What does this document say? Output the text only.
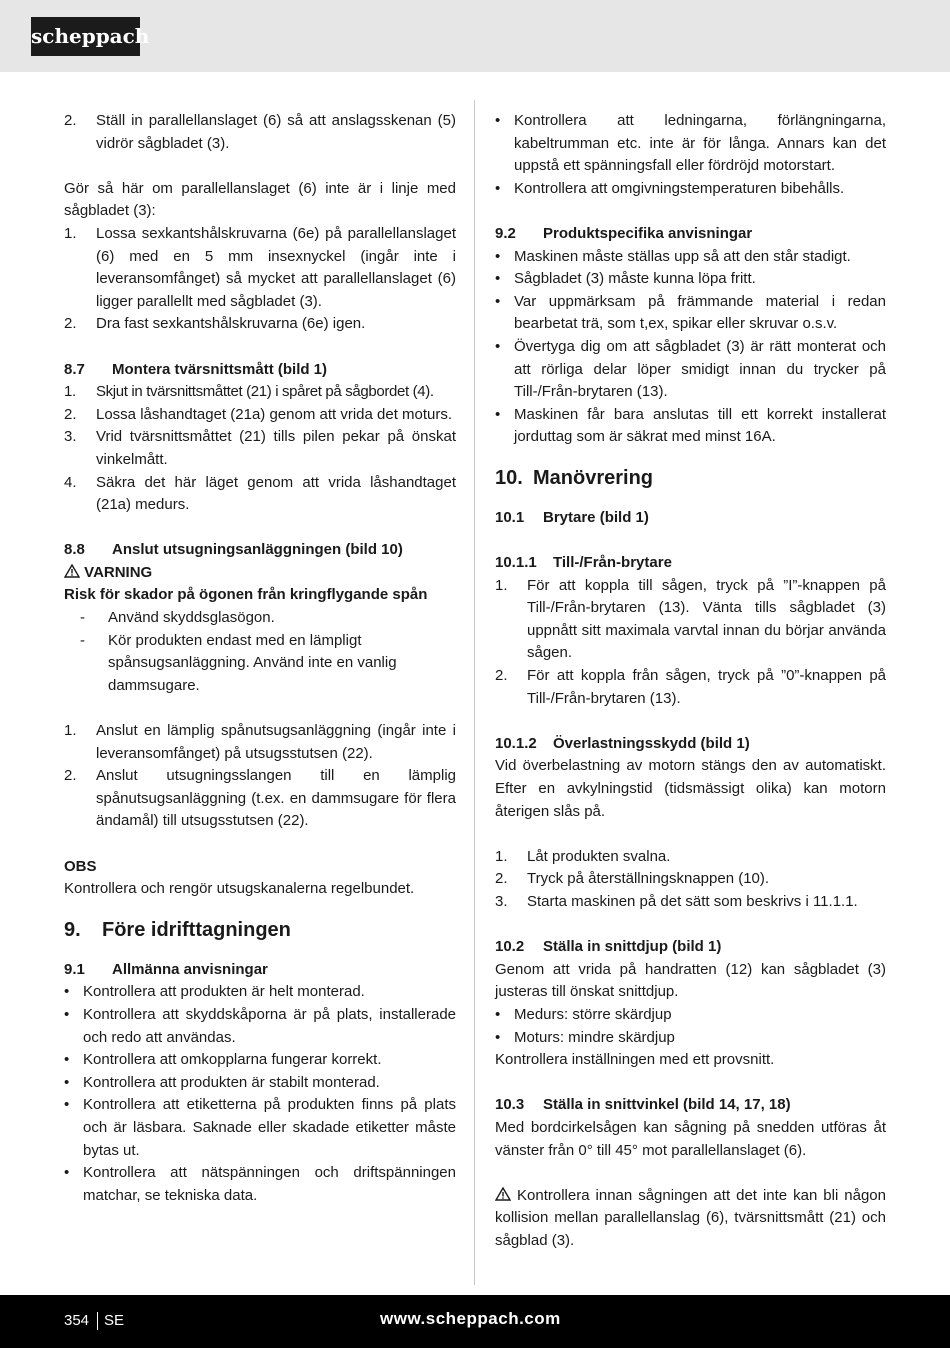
scheppach
2.	Ställ in parallellanslaget (6) så att anslagsskenan (5) vidrör sågbladet (3).

Gör så här om parallellanslaget (6) inte är i linje med sågbladet (3):

1.	Lossa sexkantshålskruvarna (6e) på parallellanslaget (6) med en 5 mm insexnyckel (ingår inte i leveransomfånget) så mycket att parallellanslaget (6) ligger parallellt med sågbladet (3).
2.	Dra fast sexkantshålskruvarna (6e) igen.
8.7	Montera tvärsnittsmått (bild 1)
1.	Skjut in tvärsnittsmåttet (21) i spåret på sågbordet (4).
2.	Lossa låshandtaget (21a) genom att vrida det moturs.
3.	Vrid tvärsnittsmåttet (21) tills pilen pekar på önskat vinkelmått.
4.	Säkra det här läget genom att vrida låshandtaget (21a) medurs.
8.8	Anslut utsugningsanläggningen (bild 10)
VARNING
Risk för skador på ögonen från kringflygande spån
-	Använd skyddsglasögon.
-	Kör produkten endast med en lämpligt spånsugsanläggning. Använd inte en vanlig dammsugare.
1.	Anslut en lämplig spånutsugsanläggning (ingår inte i leveransomfånget) på utsugsstutsen (22).
2.	Anslut utsugningsslangen till en lämplig spånutsugsanläggning (t.ex. en dammsugare för flera ändamål) till utsugsstutsen (22).
OBS

Kontrollera och rengör utsugskanalerna regelbundet.

9.	Före idrifttagningen
9.1	Allmänna anvisningar
• Kontrollera att produkten är helt monterad.
• Kontrollera att skyddskåporna är på plats, installerade och redo att användas.
• Kontrollera att omkopplarna fungerar korrekt.
• Kontrollera att produkten är stabilt monterad.
• Kontrollera att etiketterna på produkten finns på plats och är läsbara. Saknade eller skadade etiketter måste bytas ut.
• Kontrollera att nätspänningen och driftspänningen matchar, se tekniska data.
• Kontrollera att ledningarna, förlängningarna, kabeltrumman etc. inte är för långa. Annars kan det uppstå ett spänningsfall eller fördröjd motorstart.
• Kontrollera att omgivningstemperaturen bibehålls.
9.2	Produktspecifika anvisningar
• Maskinen måste ställas upp så att den står stadigt.
• Sågbladet (3) måste kunna löpa fritt.
• Var uppmärksam på främmande material i redan bearbetat trä, som t,ex, spikar eller skruvar o.s.v.
• Övertyga dig om att sågbladet (3) är rätt monterat och att rörliga delar löper smidigt innan du trycker på Till-/Från-brytaren (13).
• Maskinen får bara anslutas till ett korrekt installerat jorduttag som är säkrat med minst 16A.
10. Manövrering
10.1	Brytare (bild 1)
10.1.1	Till-/Från-brytare
1.	För att koppla till sågen, tryck på ”I”-knappen på Till-/Från-brytaren (13). Vänta tills sågbladet (3) uppnått sitt maximala varvtal innan du börjar använda sågen.
2.	För att koppla från sågen, tryck på ”0”-knappen på Till-/Från-brytaren (13).
10.1.2	Överlastningsskydd (bild 1)

Vid överbelastning av motorn stängs den av automatiskt. Efter en avkylningstid (tidsmässigt olika) kan motorn återigen slås på.

1.	Låt produkten svalna.
2.	Tryck på återställningsknappen (10).
3.	Starta maskinen på det sätt som beskrivs i 11.1.1.
10.2	Ställa in snittdjup (bild 1)

Genom att vrida på handratten (12) kan sågbladet (3) justeras till önskat snittdjup.

• Medurs: större skärdjup
• Moturs: mindre skärdjup

Kontrollera inställningen med ett provsnitt.

10.3	Ställa in snittvinkel (bild 14, 17, 18)

Med bordcirkelsågen kan sågning på snedden utföras åt vänster från 0° till 45° mot parallellanslaget (6).

Kontrollera innan sågningen att det inte kan bli någon kollision mellan parallellanslag (6), tvärsnittsmått (21) och sågblad (3).

354 SE	www.scheppach.com
